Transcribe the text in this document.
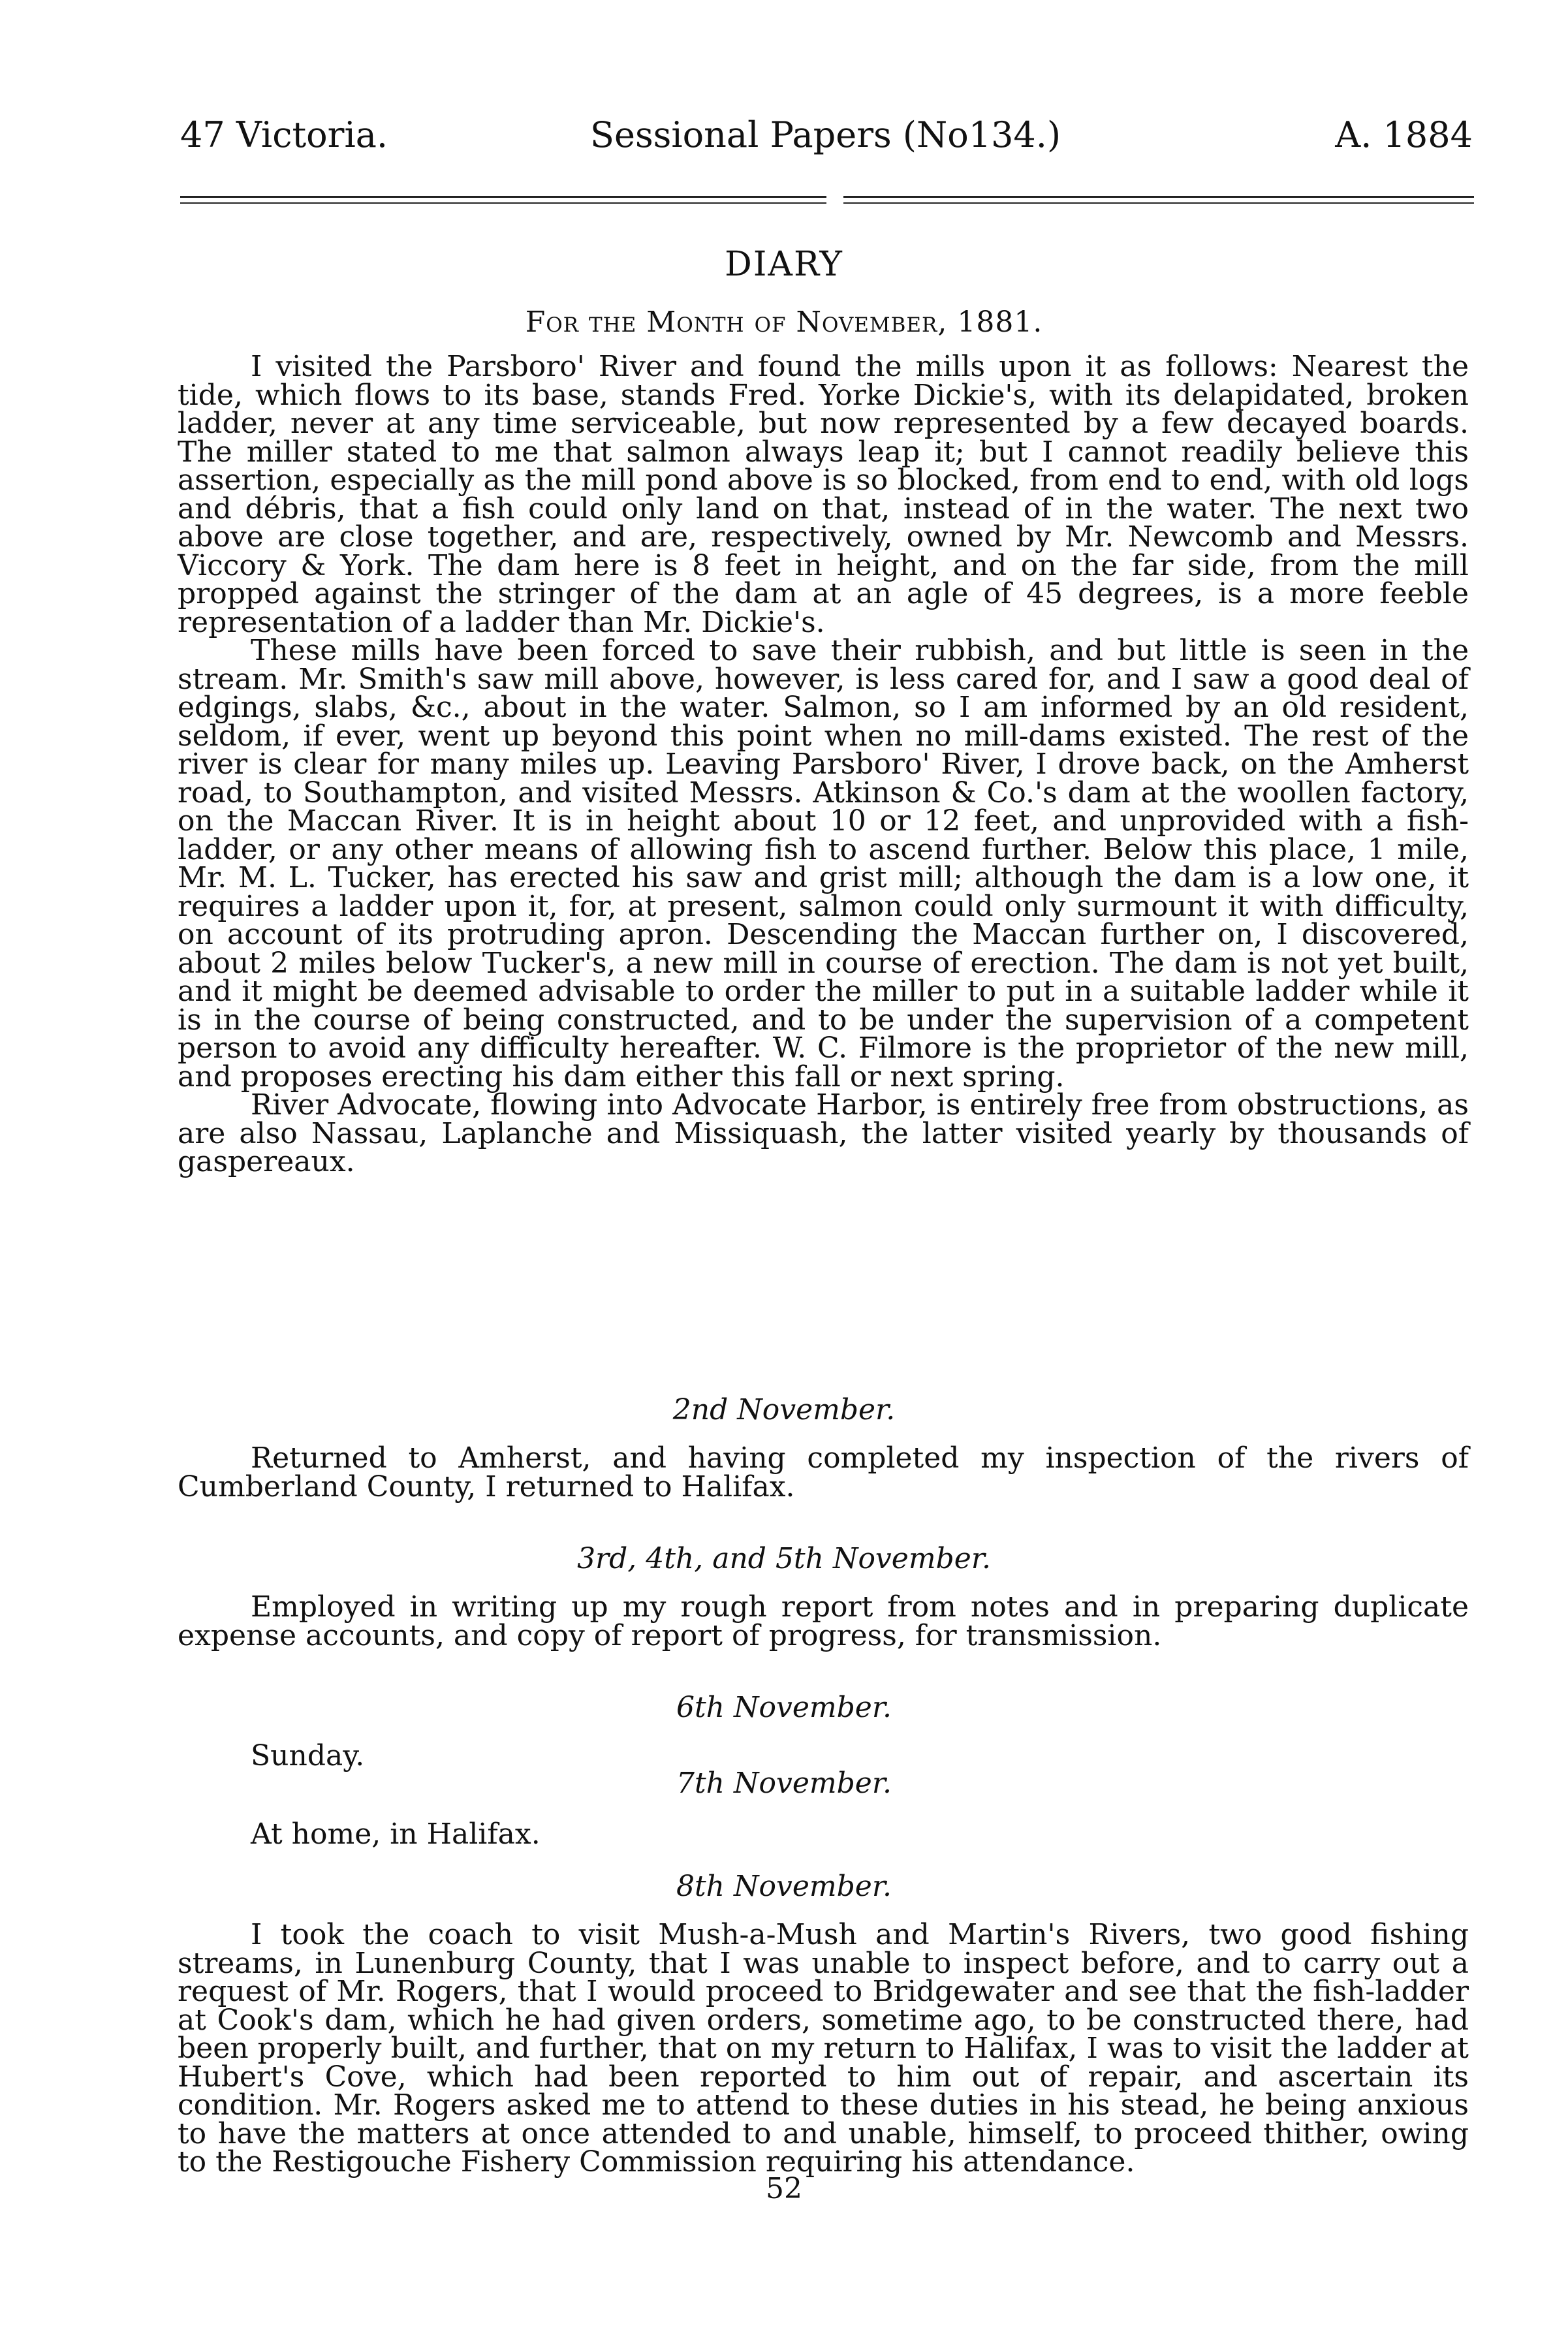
47 Victoria.	Sessional Papers (No134.)	A. 1884
DIARY
For the Month of November, 1881.

I visited the Parsboro' River and found the mills upon it as follows: Nearest the tide, which flows to its base, stands Fred. Yorke Dickie's, with its delapidated, broken ladder, never at any time serviceable, but now represented by a few decayed boards. The miller stated to me that salmon always leap it; but I cannot readily believe this assertion, especially as the mill pond above is so blocked, from end to end, with old logs and débris, that a fish could only land on that, instead of in the water. The next two above are close together, and are, respectively, owned by Mr. Newcomb and Messrs. Viccory & York. The dam here is 8 feet in height, and on the far side, from the mill propped against the stringer of the dam at an agle of 45 degrees, is a more feeble representation of a ladder than Mr. Dickie's.

These mills have been forced to save their rubbish, and but little is seen in the stream. Mr. Smith's saw mill above, however, is less cared for, and I saw a good deal of edgings, slabs, &c., about in the water. Salmon, so I am informed by an old resident, seldom, if ever, went up beyond this point when no mill-dams existed. The rest of the river is clear for many miles up. Leaving Parsboro' River, I drove back, on the Amherst road, to Southampton, and visited Messrs. Atkinson & Co.'s dam at the woollen factory, on the Maccan River. It is in height about 10 or 12 feet, and unprovided with a fish-ladder, or any other means of allowing fish to ascend further. Below this place, 1 mile, Mr. M. L. Tucker, has erected his saw and grist mill; although the dam is a low one, it requires a ladder upon it, for, at present, salmon could only surmount it with difficulty, on account of its protruding apron. Descending the Maccan further on, I discovered, about 2 miles below Tucker's, a new mill in course of erection. The dam is not yet built, and it might be deemed advisable to order the miller to put in a suitable ladder while it is in the course of being constructed, and to be under the supervision of a competent person to avoid any difficulty hereafter. W. C. Filmore is the proprietor of the new mill, and proposes erecting his dam either this fall or next spring.

River Advocate, flowing into Advocate Harbor, is entirely free from obstructions, as are also Nassau, Laplanche and Missiquash, the latter visited yearly by thousands of gaspereaux.

2nd November.

Returned to Amherst, and having completed my inspection of the rivers of Cumberland County, I returned to Halifax.

3rd, 4th, and 5th November.

Employed in writing up my rough report from notes and in preparing duplicate expense accounts, and copy of report of progress, for transmission.

6th November.
Sunday.
7th November.
At home, in Halifax.
8th November.

I took the coach to visit Mush-a-Mush and Martin's Rivers, two good fishing streams, in Lunenburg County, that I was unable to inspect before, and to carry out a request of Mr. Rogers, that I would proceed to Bridgewater and see that the fish-ladder at Cook's dam, which he had given orders, sometime ago, to be constructed there, had been properly built, and further, that on my return to Halifax, I was to visit the ladder at Hubert's Cove, which had been reported to him out of repair, and ascertain its condition. Mr. Rogers asked me to attend to these duties in his stead, he being anxious to have the matters at once attended to and unable, himself, to proceed thither, owing to the Restigouche Fishery Commission requiring his attendance.

52
